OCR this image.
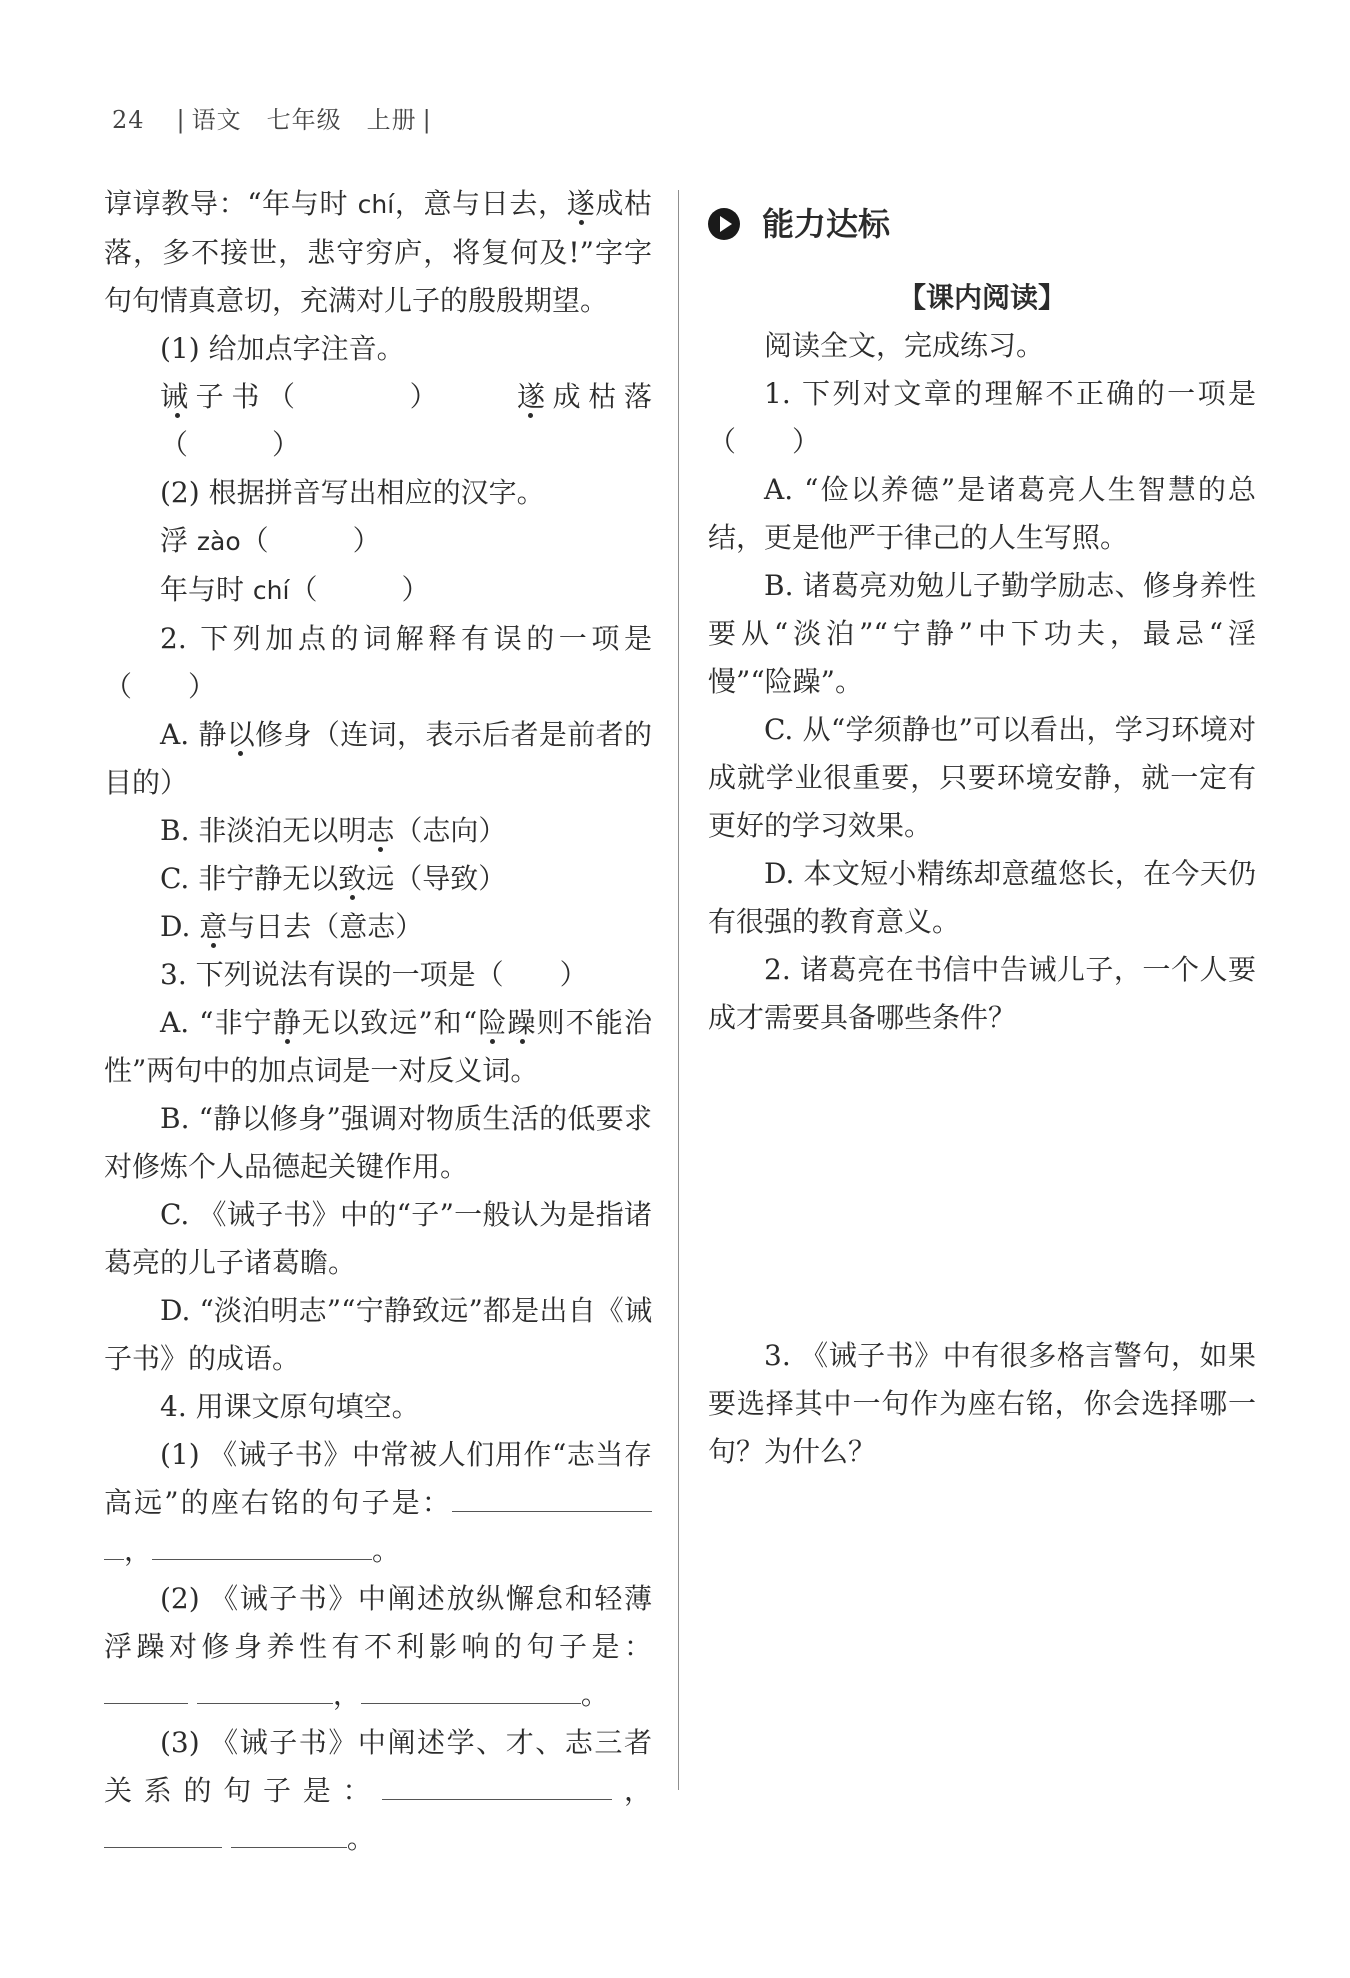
24 | 语文　七年级　上册 |

谆谆教导：“年与时 chí，意与日去，遂成枯落，多不接世，悲守穷庐，将复何及!”字字句句情真意切，充满对儿子的殷殷期望。

(1) 给加点字注音。

诫子书（　　　） 遂成枯落（　　　）

(2) 根据拼音写出相应的汉字。

浮 zào（　　　）

年与时 chí（　　　）

2. 下列加点的词解释有误的一项是（　　）

A. 静以修身（连词，表示后者是前者的目的）

B. 非淡泊无以明志（志向）

C. 非宁静无以致远（导致）

D. 意与日去（意志）

3. 下列说法有误的一项是（　　）

A. “非宁静无以致远”和“险躁则不能治性”两句中的加点词是一对反义词。

B. “静以修身”强调对物质生活的低要求对修炼个人品德起关键作用。

C. 《诫子书》中的“子”一般认为是指诸葛亮的儿子诸葛瞻。

D. “淡泊明志”“宁静致远”都是出自《诫子书》的成语。

4. 用课文原句填空。

(1) 《诫子书》中常被人们用作“志当存高远”的座右铭的句子是： ，	。

(2) 《诫子书》中阐述放纵懈怠和轻薄浮躁对修身养性有不利影响的句子是： ，	。

(3) 《诫子书》中阐述学、才、志三者关系的句子是：	， 。

能力达标

【课内阅读】

阅读全文，完成练习。

1. 下列对文章的理解不正确的一项是（　　）

A. “俭以养德”是诸葛亮人生智慧的总结，更是他严于律己的人生写照。

B. 诸葛亮劝勉儿子勤学励志、修身养性要从“淡泊”“宁静”中下功夫，最忌“淫慢”“险躁”。

C. 从“学须静也”可以看出，学习环境对成就学业很重要，只要环境安静，就一定有更好的学习效果。

D. 本文短小精练却意蕴悠长，在今天仍有很强的教育意义。

2. 诸葛亮在书信中告诫儿子，一个人要成才需要具备哪些条件？

3. 《诫子书》中有很多格言警句，如果要选择其中一句作为座右铭，你会选择哪一句？为什么？
